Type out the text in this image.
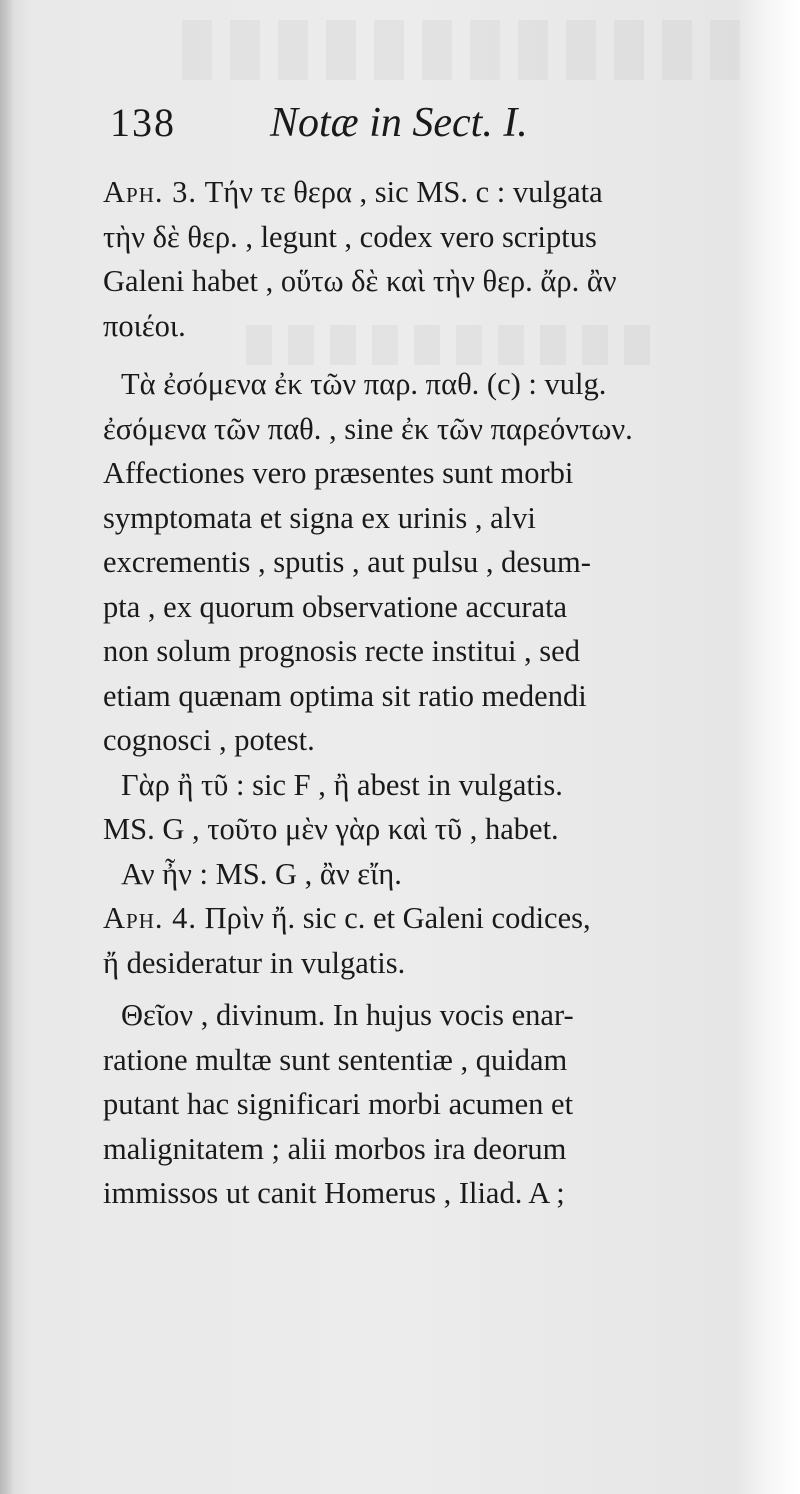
138 Notæ in Sect. I.

Aph. 3. Τήν τε θερα , sic MS. c : vulgata
τὴν δὲ θερ. , legunt , codex vero scriptus
Galeni habet , οὕτω δὲ καὶ τὴν θερ. ἄρ. ἂν
ποιέοι.

Τὰ ἐσόμενα ἐκ τῶν παρ. παθ. (c) : vulg.
ἐσόμενα τῶν παθ. , sine ἐκ τῶν παρεόντων.
Affectiones vero præsentes sunt morbi
symptomata et signa ex urinis , alvi
excrementis , sputis , aut pulsu , desum-
pta , ex quorum observatione accurata
non solum prognosis recte institui , sed
etiam quænam optima sit ratio medendi
cognosci , potest.

Γὰρ ἢ τῦ : sic F , ἢ abest in vulgatis.
MS. G , τοῦτο μὲν γὰρ καὶ τῦ , habet.

Αν ἦν : MS. G , ἂν εἴη.

Aph. 4. Πρὶν ἤ. sic c. et Galeni codices,
ἤ desideratur in vulgatis.

Θεῖον , divinum. In hujus vocis enar-
ratione multæ sunt sententiæ , quidam
putant hac significari morbi acumen et
malignitatem ; alii morbos ira deorum
immissos ut canit Homerus , Iliad. A ;
